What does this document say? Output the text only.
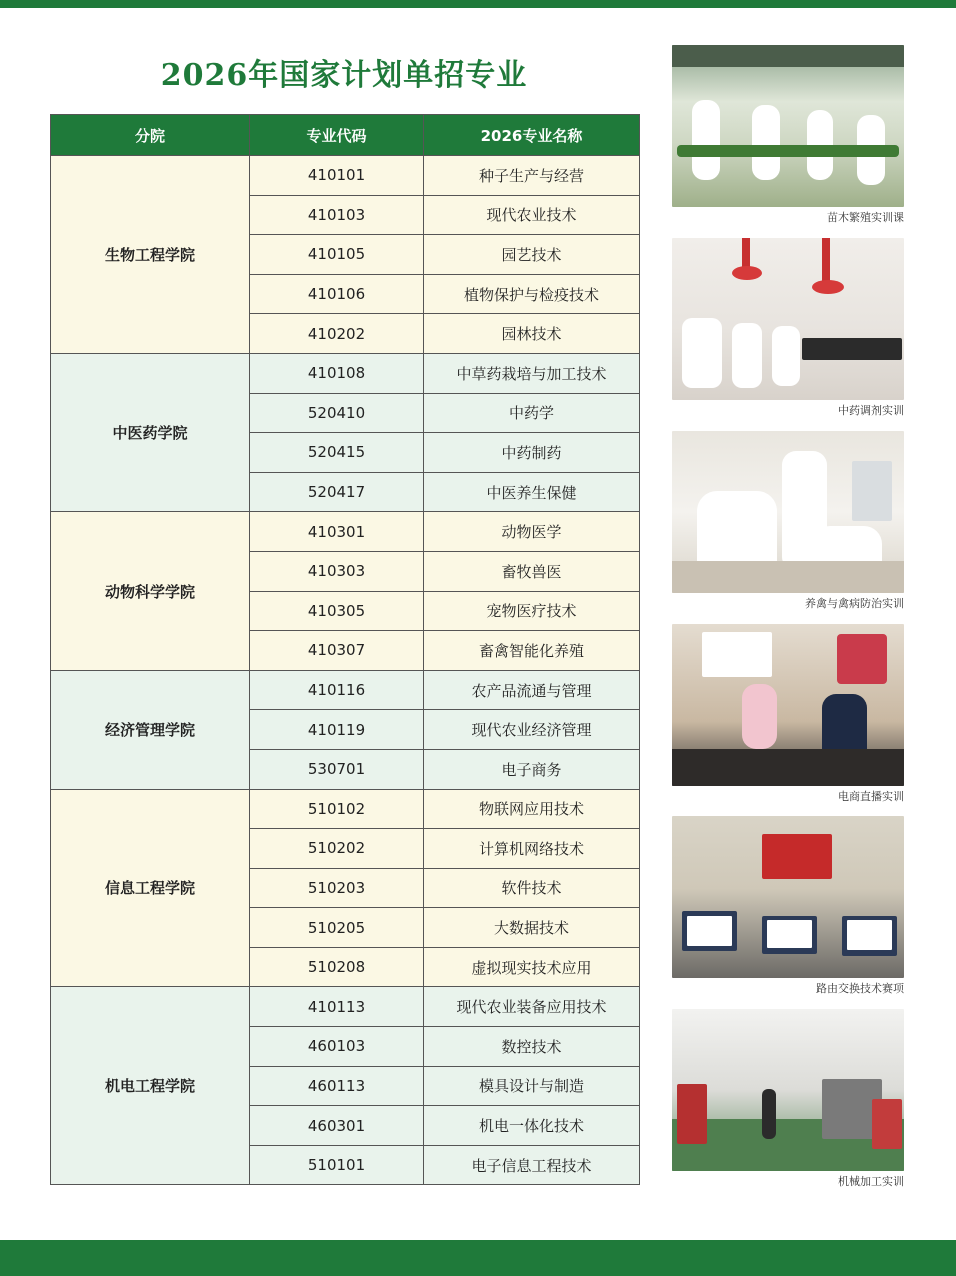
2026年国家计划单招专业
分院	专业代码	2026专业名称
生物工程学院	410101	种子生产与经营
	410103	现代农业技术
	410105	园艺技术
	410106	植物保护与检疫技术
	410202	园林技术
中医药学院	410108	中草药栽培与加工技术
	520410	中药学
	520415	中药制药
	520417	中医养生保健
动物科学学院	410301	动物医学
	410303	畜牧兽医
	410305	宠物医疗技术
	410307	畜禽智能化养殖
经济管理学院	410116	农产品流通与管理
	410119	现代农业经济管理
	530701	电子商务
信息工程学院	510102	物联网应用技术
	510202	计算机网络技术
	510203	软件技术
	510205	大数据技术
	510208	虚拟现实技术应用
机电工程学院	410113	现代农业装备应用技术
	460103	数控技术
	460113	模具设计与制造
	460301	机电一体化技术
	510101	电子信息工程技术
苗木繁殖实训课
中药调剂实训
养禽与禽病防治实训
电商直播实训
路由交换技术赛项
机械加工实训
